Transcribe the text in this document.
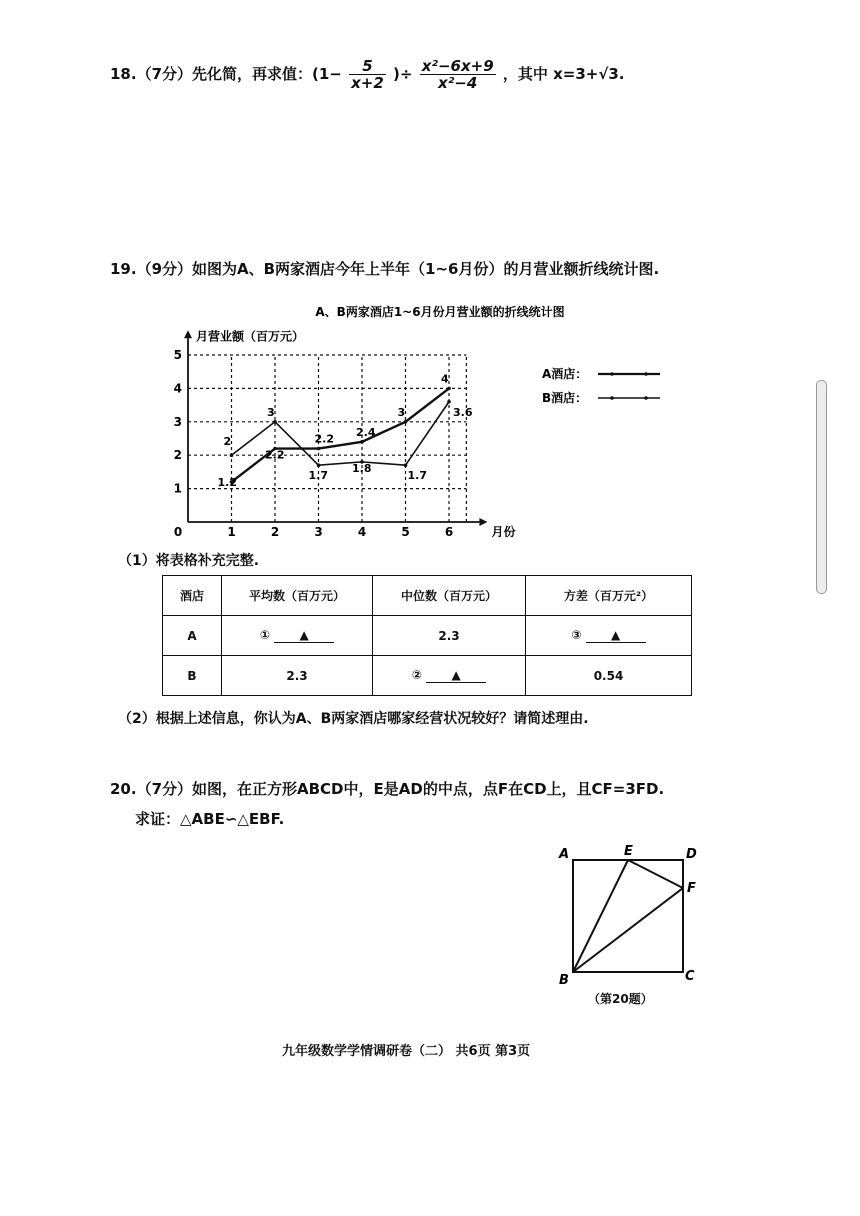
18.（7分）先化简，再求值：($1- \frac{5}{x+2}$ )÷ $\frac{\text{x²−6x+9}}{\text{x²−4}}$ ，其中 x=3+√3.
19.（9分）如图为A、B两家酒店今年上半年（1~6月份）的月营业额折线统计图.
A、B两家酒店1~6月份月营业额的折线统计图
月营业额（百万元）
月份
0	1	2	3	4	5	6
1
2
3
4
5
1.2
2.2
2.2
2.4
3
4
2
3
1.7
1.8
1.7
3.6
A酒店：
B酒店：
（1）将表格补充完整.
酒店	平均数（百万元）	中位数（百万元）	方差（百万元²）
A	① ▲	2.3	③ ▲
B	2.3	② ▲	0.54
（2）根据上述信息，你认为A、B两家酒店哪家经营状况较好？请简述理由.
20.（7分）如图，在正方形ABCD中，E是AD的中点，点F在CD上，且CF=3FD.
求证：△ABE∽△EBF.
A	E	D
F
B	C
（第20题）
九年级数学学情调研卷（二） 共6页 第3页
